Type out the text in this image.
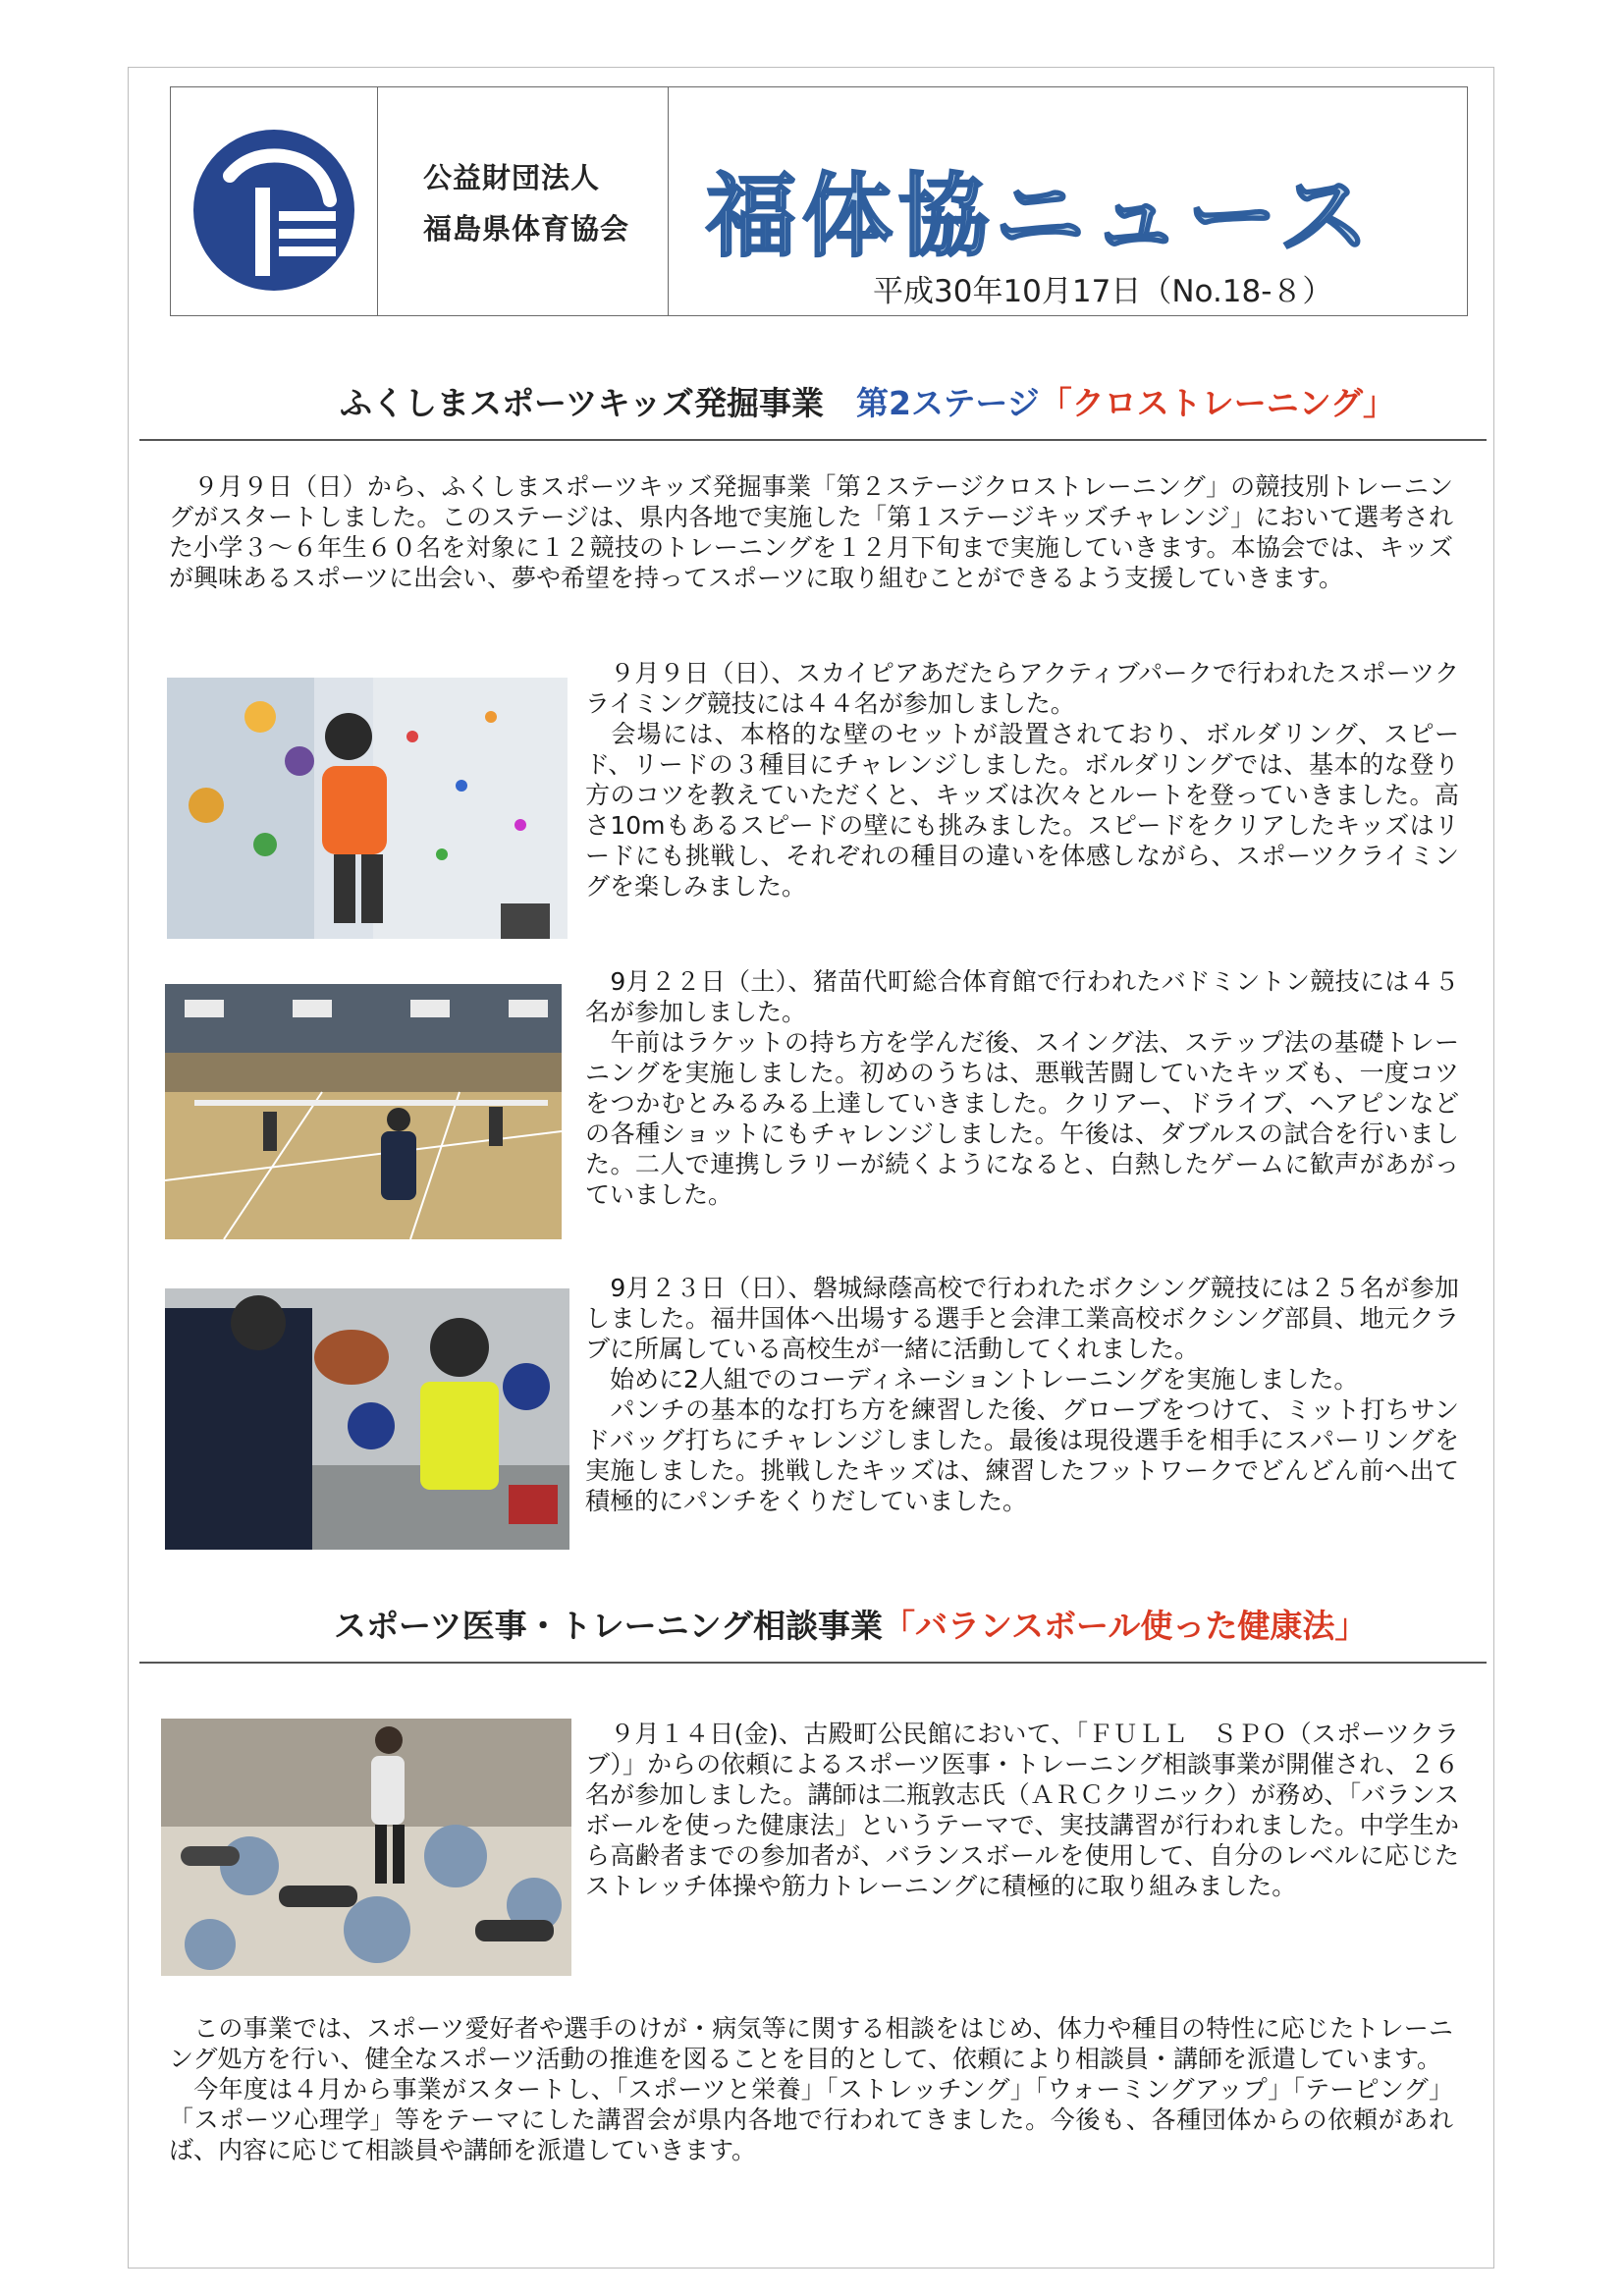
公益財団法人
福島県体育協会 福体協ニュース
平成30年10月17日（No.18‐８）
ふくしまスポーツキッズ発掘事業　第2ステージ「クロストレーニング」

　９月９日（日）から、ふくしまスポーツキッズ発掘事業「第２ステージクロストレーニング」の競技別トレーニングがスタートしました。このステージは、県内各地で実施した「第１ステージキッズチャレンジ」において選考された小学３～６年生６０名を対象に１２競技のトレーニングを１２月下旬まで実施していきます。本協会では、キッズが興味あるスポーツに出会い、夢や希望を持ってスポーツに取り組むことができるよう支援していきます。

　９月９日（日）、スカイピアあだたらアクティブパークで行われたスポーツクライミング競技には４４名が参加しました。
　会場には、本格的な壁のセットが設置されており、ボルダリング、スピード、リードの３種目にチャレンジしました。ボルダリングでは、基本的な登り方のコツを教えていただくと、キッズは次々とルートを登っていきました。高さ10mもあるスピードの壁にも挑みました。スピードをクリアしたキッズはリードにも挑戦し、それぞれの種目の違いを体感しながら、スポーツクライミングを楽しみました。

　9月２２日（土）、猪苗代町総合体育館で行われたバドミントン競技には４５名が参加しました。
　午前はラケットの持ち方を学んだ後、スイング法、ステップ法の基礎トレーニングを実施しました。初めのうちは、悪戦苦闘していたキッズも、一度コツをつかむとみるみる上達していきました。クリアー、ドライブ、ヘアピンなどの各種ショットにもチャレンジしました。午後は、ダブルスの試合を行いました。二人で連携しラリーが続くようになると、白熱したゲームに歓声があがっていました。

　9月２３日（日）、磐城緑蔭高校で行われたボクシング競技には２５名が参加しました。福井国体へ出場する選手と会津工業高校ボクシング部員、地元クラブに所属している高校生が一緒に活動してくれました。
　始めに2人組でのコーディネーショントレーニングを実施しました。
　パンチの基本的な打ち方を練習した後、グローブをつけて、ミット打ちサンドバッグ打ちにチャレンジしました。最後は現役選手を相手にスパーリングを実施しました。挑戦したキッズは、練習したフットワークでどんどん前へ出て積極的にパンチをくりだしていました。

スポーツ医事・トレーニング相談事業「バランスボール使った健康法」

　９月１４日(金)、古殿町公民館において、「ＦＵＬＬ　ＳＰＯ（スポーツクラブ）」からの依頼によるスポーツ医事・トレーニング相談事業が開催され、２６名が参加しました。講師は二瓶敦志氏（ＡＲＣクリニック）が務め、「バランスボールを使った健康法」というテーマで、実技講習が行われました。中学生から高齢者までの参加者が、バランスボールを使用して、自分のレベルに応じたストレッチ体操や筋力トレーニングに積極的に取り組みました。

　この事業では、スポーツ愛好者や選手のけが・病気等に関する相談をはじめ、体力や種目の特性に応じたトレーニング処方を行い、健全なスポーツ活動の推進を図ることを目的として、依頼により相談員・講師を派遣しています。
　今年度は４月から事業がスタートし、「スポーツと栄養」「ストレッチング」「ウォーミングアップ」「テーピング」「スポーツ心理学」等をテーマにした講習会が県内各地で行われてきました。今後も、各種団体からの依頼があれば、内容に応じて相談員や講師を派遣していきます。
